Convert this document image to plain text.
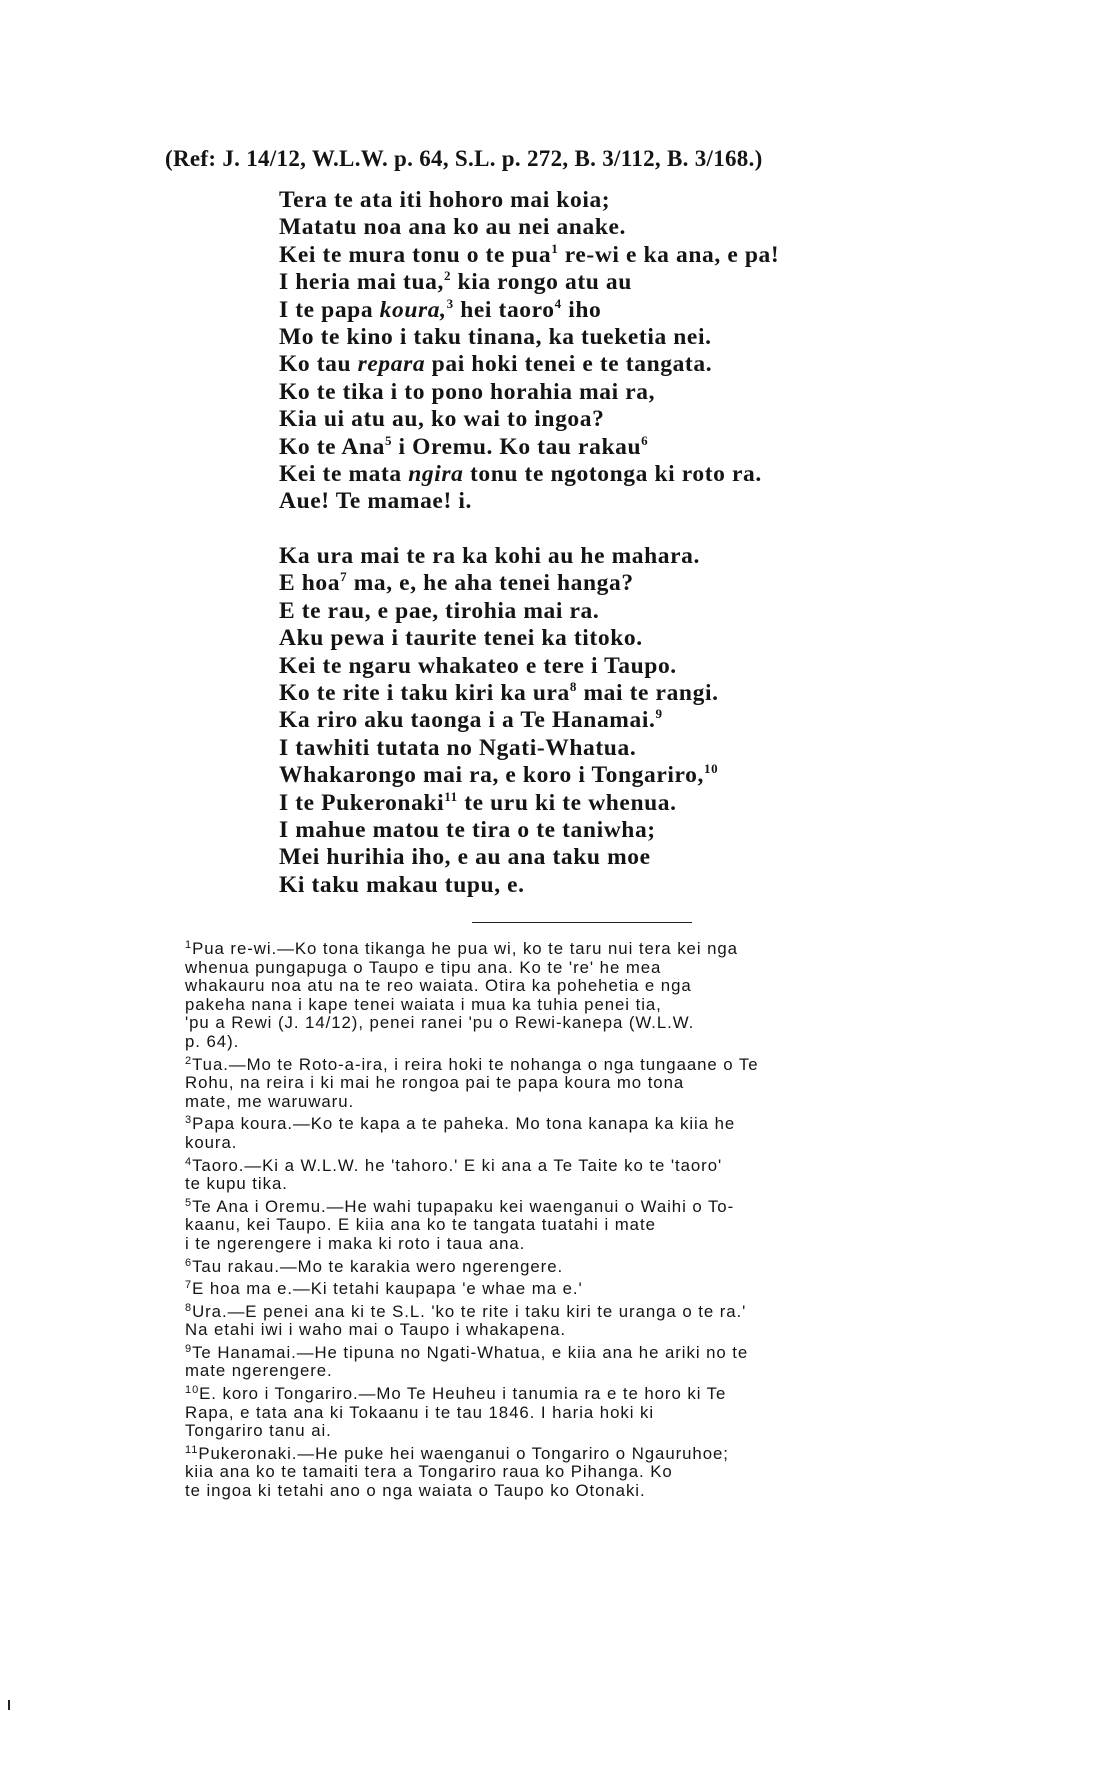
(Ref: J. 14/12, W.L.W. p. 64, S.L. p. 272, B. 3/112, B. 3/168.)
Tera te ata iti hohoro mai koia;
Matatu noa ana ko au nei anake.
Kei te mura tonu o te pua$^1$ re-wi e ka ana, e pa!
I heria mai tua,$^2$ kia rongo atu au
I te papa koura,$^3$ hei taoro$^4$ iho
Mo te kino i taku tinana, ka tueketia nei.
Ko tau repara pai hoki tenei e te tangata.
Ko te tika i to pono horahia mai ra,
Kia ui atu au, ko wai to ingoa?
Ko te Ana$^5$ i Oremu. Ko tau rakau$^6$
Kei te mata ngira tonu te ngotonga ki roto ra.
Aue! Te mamae! i.
Ka ura mai te ra ka kohi au he mahara.
E hoa$^7$ ma, e, he aha tenei hanga?
E te rau, e pae, tirohia mai ra.
Aku pewa i taurite tenei ka titoko.
Kei te ngaru whakateo e tere i Taupo.
Ko te rite i taku kiri ka ura$^8$ mai te rangi.
Ka riro aku taonga i a Te Hanamai.$^9$
I tawhiti tutata no Ngati-Whatua.
Whakarongo mai ra, e koro i Tongariro,$^{10}$
I te Pukeronaki$^{11}$ te uru ki te whenua.
I mahue matou te tira o te taniwha;
Mei hurihia iho, e au ana taku moe
Ki taku makau tupu, e.
$^1$Pua re-wi.—Ko tona tikanga he pua wi, ko te taru nui tera kei nga
whenua pungapuga o Taupo e tipu ana. Ko te 're' he mea
whakauru noa atu na te reo waiata. Otira ka pohehetia e nga
pakeha nana i kape tenei waiata i mua ka tuhia penei tia,
'pu a Rewi (J. 14/12), penei ranei 'pu o Rewi-kanepa (W.L.W.
p. 64).
$^2$Tua.—Mo te Roto-a-ira, i reira hoki te nohanga o nga tungaane o Te
Rohu, na reira i ki mai he rongoa pai te papa koura mo tona
mate, me waruwaru.
$^3$Papa koura.—Ko te kapa a te paheka. Mo tona kanapa ka kiia he
koura.
$^4$Taoro.—Ki a W.L.W. he 'tahoro.' E ki ana a Te Taite ko te 'taoro'
te kupu tika.
$^5$Te Ana i Oremu.—He wahi tupapaku kei waenganui o Waihi o To-
kaanu, kei Taupo. E kiia ana ko te tangata tuatahi i mate
i te ngerengere i maka ki roto i taua ana.
$^6$Tau rakau.—Mo te karakia wero ngerengere.
$^7$E hoa ma e.—Ki tetahi kaupapa 'e whae ma e.'
$^8$Ura.—E penei ana ki te S.L. 'ko te rite i taku kiri te uranga o te ra.'
Na etahi iwi i waho mai o Taupo i whakapena.
$^9$Te Hanamai.—He tipuna no Ngati-Whatua, e kiia ana he ariki no te
mate ngerengere.
$^{10}$E. koro i Tongariro.—Mo Te Heuheu i tanumia ra e te horo ki Te
Rapa, e tata ana ki Tokaanu i te tau 1846. I haria hoki ki
Tongariro tanu ai.
$^{11}$Pukeronaki.—He puke hei waenganui o Tongariro o Ngauruhoe;
kiia ana ko te tamaiti tera a Tongariro raua ko Pihanga. Ko
te ingoa ki tetahi ano o nga waiata o Taupo ko Otonaki.
